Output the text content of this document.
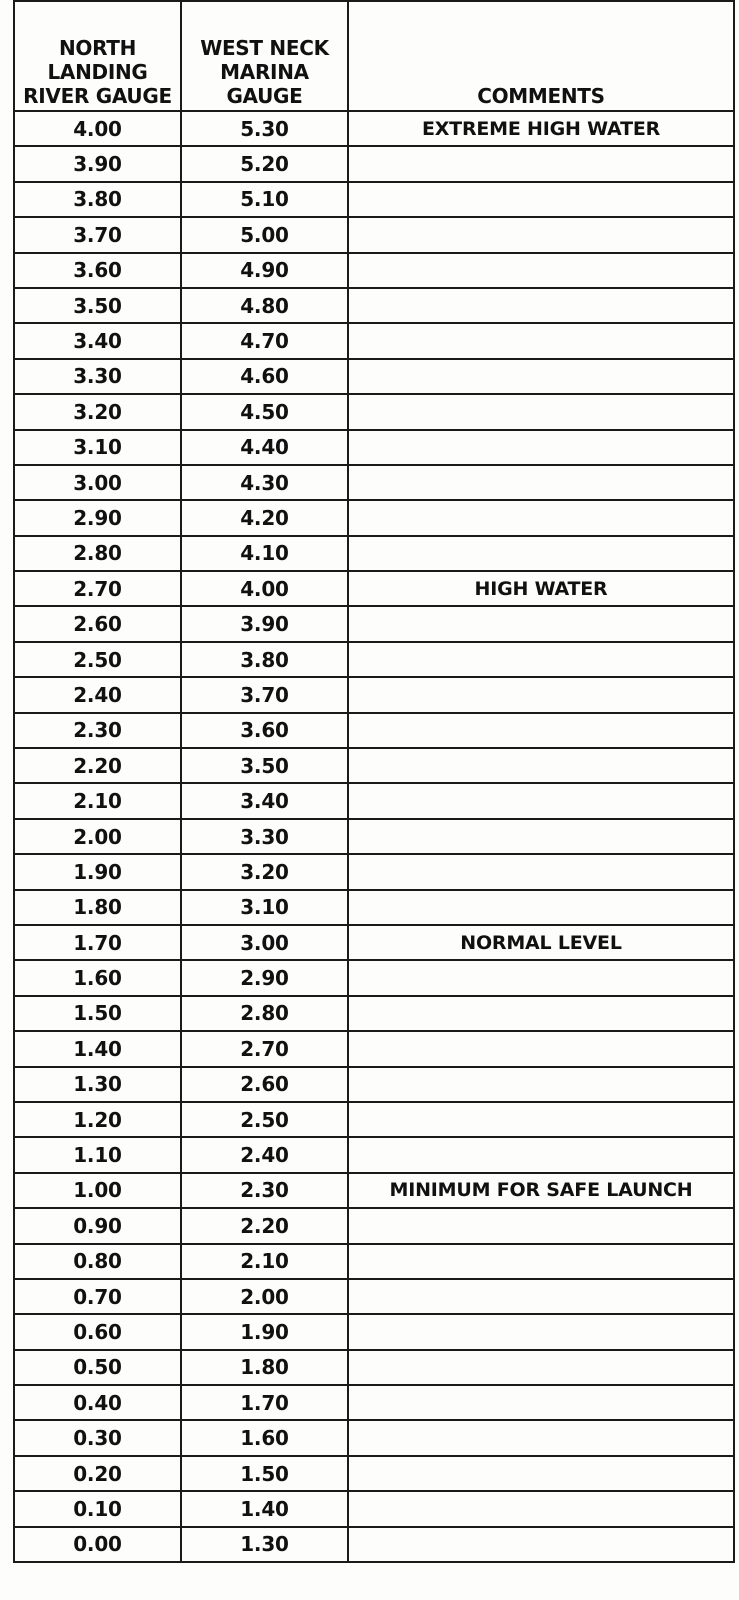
NORTH
LANDING
RIVER GAUGE	WEST NECK
MARINA
GAUGE	COMMENTS

4.00	5.30	EXTREME HIGH WATER
3.90	5.20	
3.80	5.10	
3.70	5.00	
3.60	4.90	
3.50	4.80	
3.40	4.70	
3.30	4.60	
3.20	4.50	
3.10	4.40	
3.00	4.30	
2.90	4.20	
2.80	4.10	
2.70	4.00	HIGH WATER
2.60	3.90	
2.50	3.80	
2.40	3.70	
2.30	3.60	
2.20	3.50	
2.10	3.40	
2.00	3.30	
1.90	3.20	
1.80	3.10	
1.70	3.00	NORMAL LEVEL
1.60	2.90	
1.50	2.80	
1.40	2.70	
1.30	2.60	
1.20	2.50	
1.10	2.40	
1.00	2.30	MINIMUM FOR SAFE LAUNCH
0.90	2.20	
0.80	2.10	
0.70	2.00	
0.60	1.90	
0.50	1.80	
0.40	1.70	
0.30	1.60	
0.20	1.50	
0.10	1.40	
0.00	1.30	
